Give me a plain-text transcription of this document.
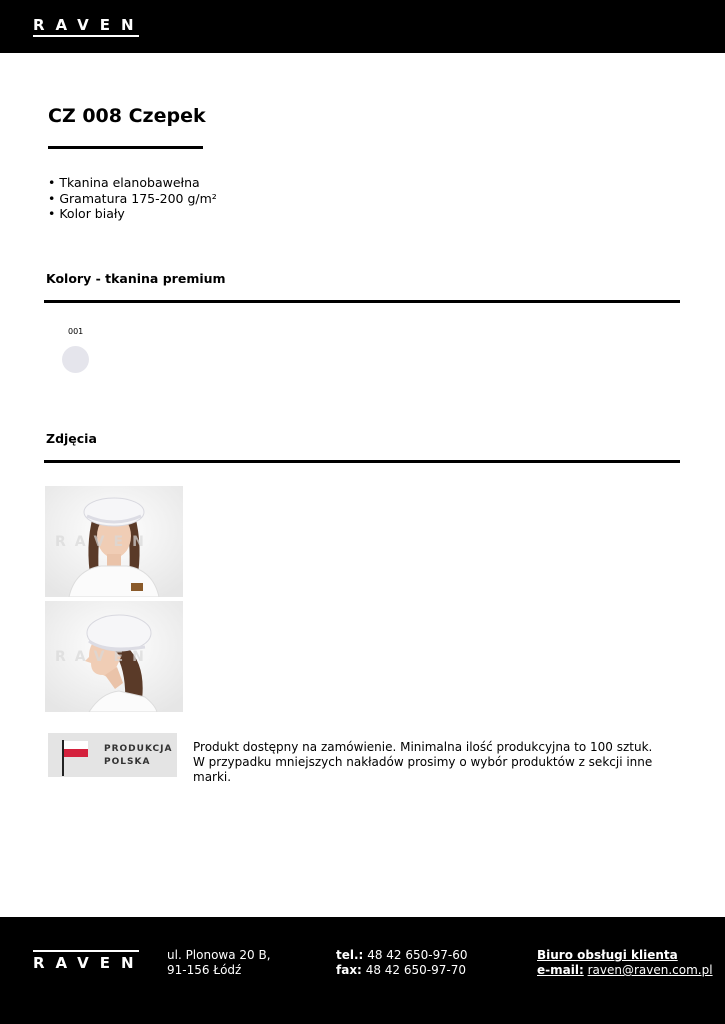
RAVEN
CZ 008 Czepek
• Tkanina elanobawełna
• Gramatura 175-200 g/m²
• Kolor biały
Kolory - tkanina premium
001
Zdjęcia
RAVEN
RAVEN
PRODUKCJA
POLSKA
Produkt dostępny na zamówienie. Minimalna ilość produkcyjna to 100 sztuk. W przypadku mniejszych nakładów prosimy o wybór produktów z sekcji inne marki.
RAVEN ul. Plonowa 20 B,
91-156 Łódź
tel.: 48 42 650-97-60
fax: 48 42 650-97-70
Biuro obsługi klienta
e-mail: raven@raven.com.pl
